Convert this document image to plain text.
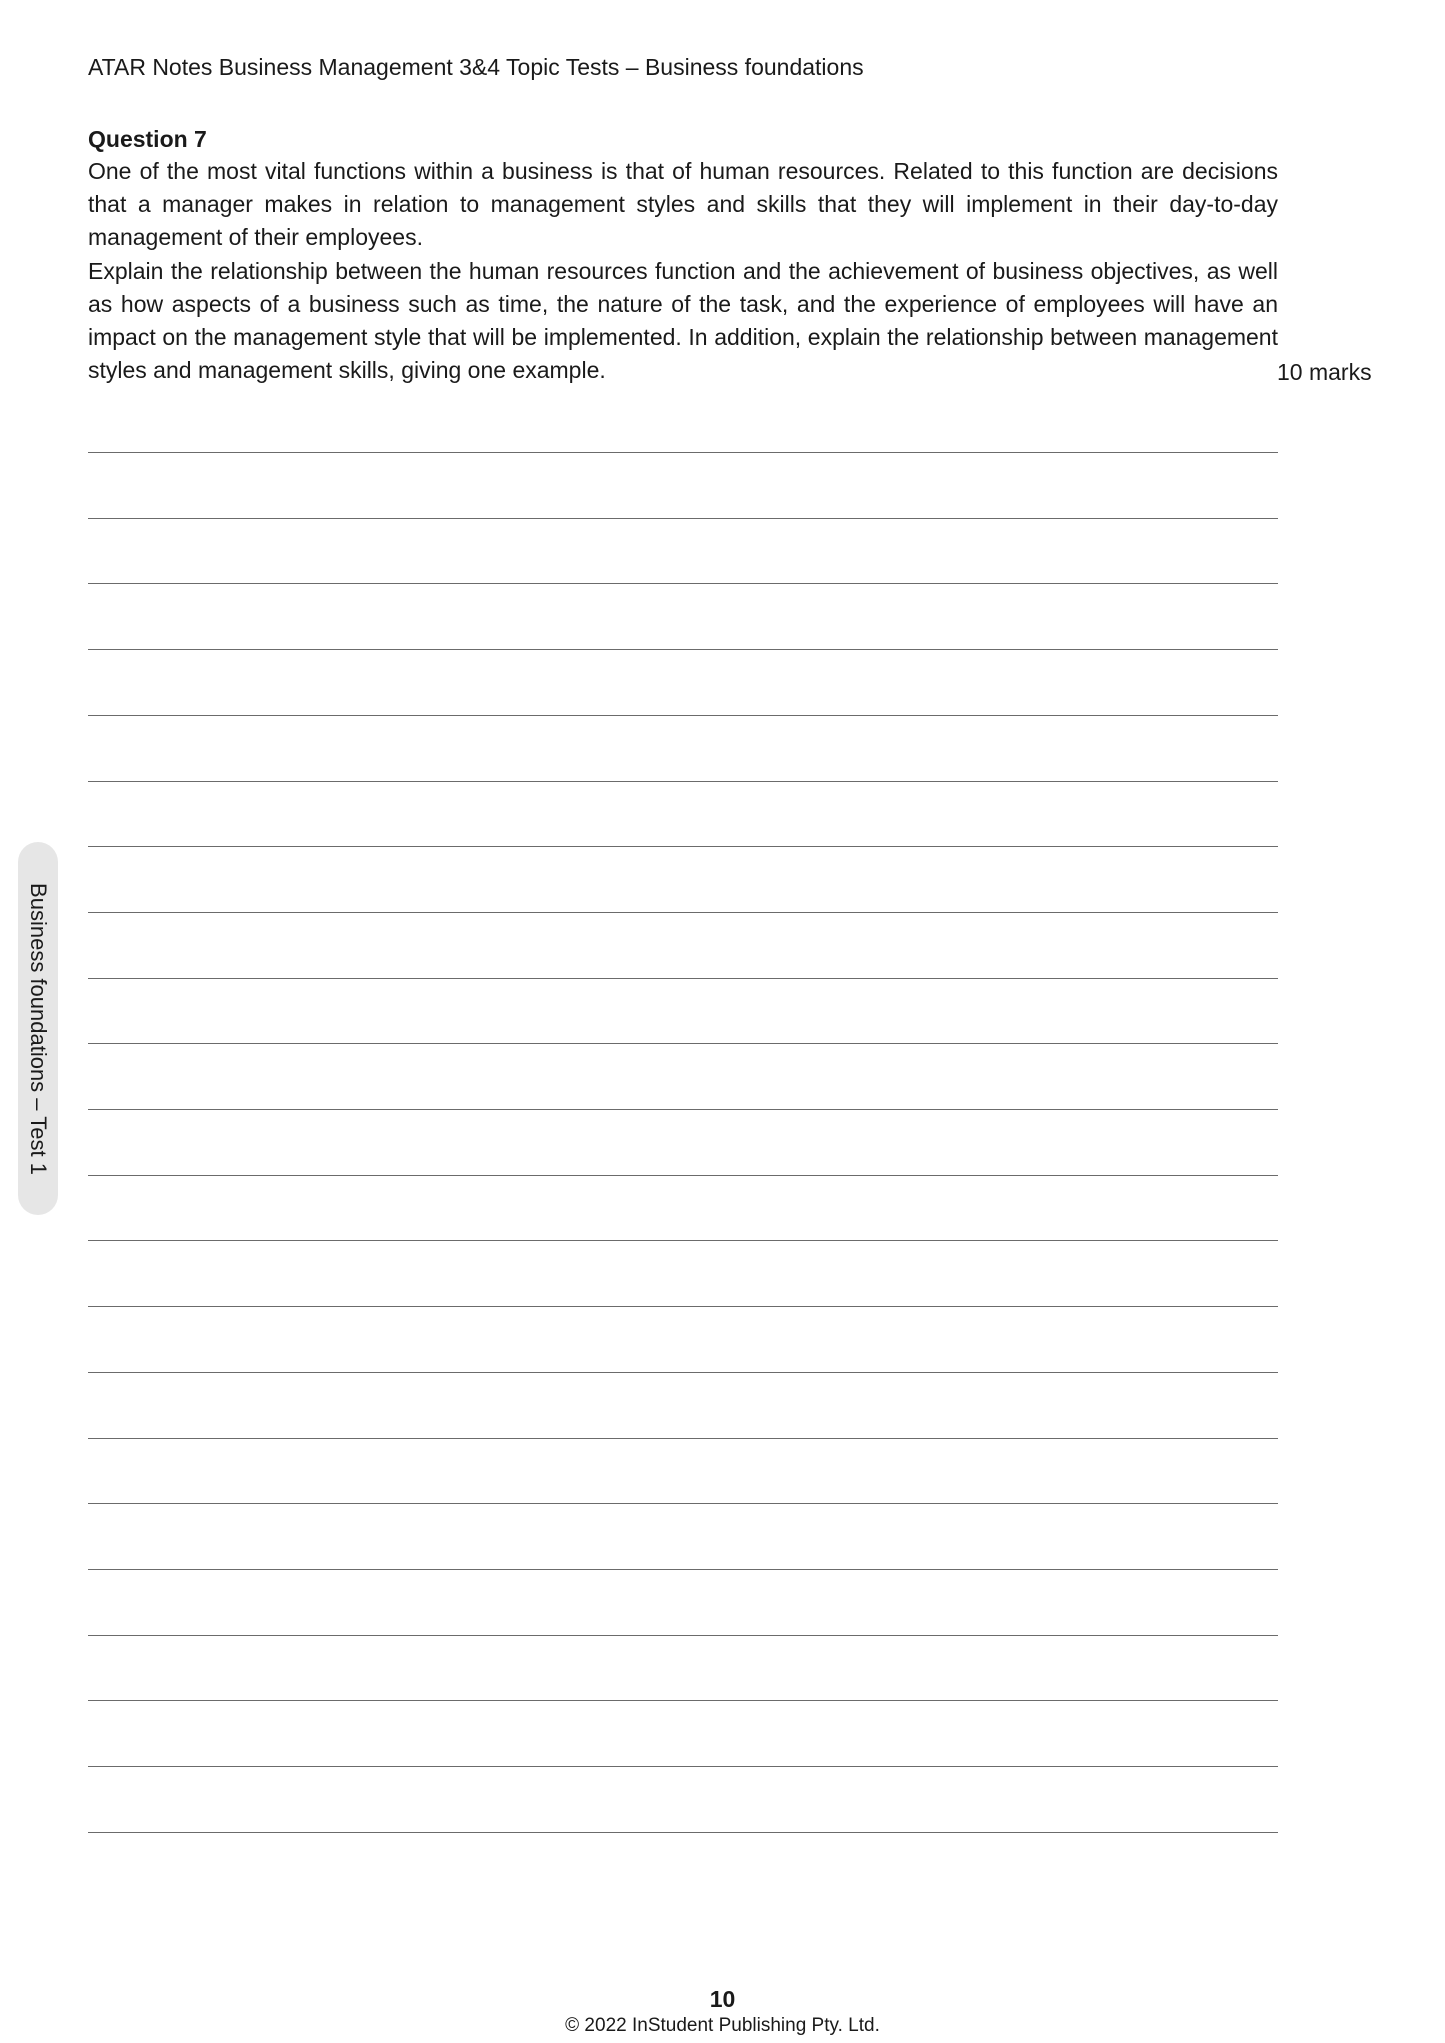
ATAR Notes Business Management 3&4 Topic Tests – Business foundations

Question 7

One of the most vital functions within a business is that of human resources. Related to this function are decisions that a manager makes in relation to management styles and skills that they will implement in their day-to-day management of their employees.

Explain the relationship between the human resources function and the achievement of business objectives, as well as how aspects of a business such as time, the nature of the task, and the experience of employees will have an impact on the management style that will be implemented. In addition, explain the relationship between management styles and management skills, giving one example.	10 marks
Business foundations – Test 1
10
© 2022 InStudent Publishing Pty. Ltd.
